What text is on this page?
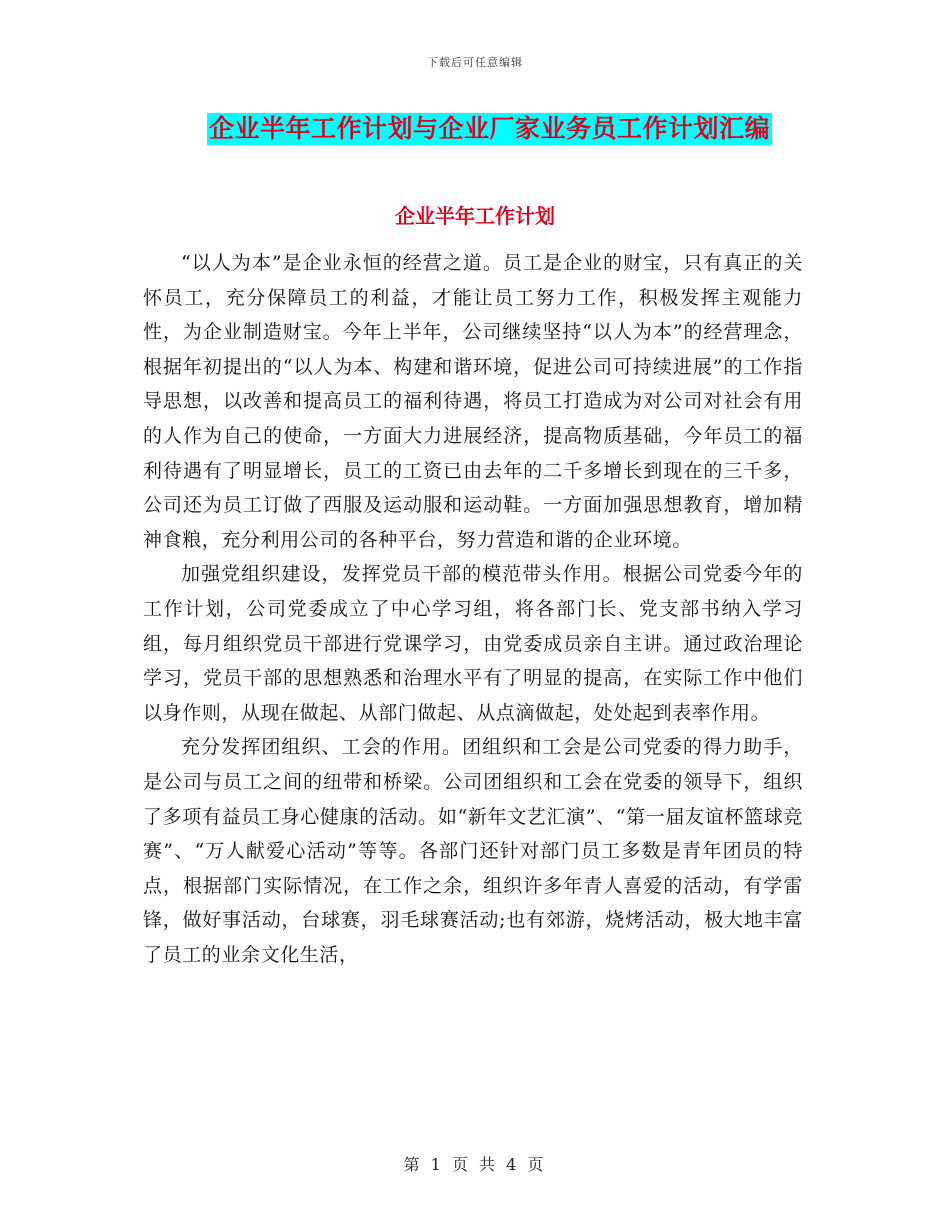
下载后可任意编辑
企业半年工作计划与企业厂家业务员工作计划汇编
企业半年工作计划

“以人为本”是企业永恒的经营之道。员工是企业的财宝，只有真正的关怀员工，充分保障员工的利益，才能让员工努力工作，积极发挥主观能力性，为企业制造财宝。今年上半年，公司继续坚持“以人为本”的经营理念，根据年初提出的“以人为本、构建和谐环境，促进公司可持续进展”的工作指导思想，以改善和提高员工的福利待遇，将员工打造成为对公司对社会有用的人作为自己的使命，一方面大力进展经济，提高物质基础，今年员工的福利待遇有了明显增长，员工的工资已由去年的二千多增长到现在的三千多，公司还为员工订做了西服及运动服和运动鞋。一方面加强思想教育，增加精神食粮，充分利用公司的各种平台，努力营造和谐的企业环境。

加强党组织建设，发挥党员干部的模范带头作用。根据公司党委今年的工作计划，公司党委成立了中心学习组，将各部门长、党支部书纳入学习组，每月组织党员干部进行党课学习，由党委成员亲自主讲。通过政治理论学习，党员干部的思想熟悉和治理水平有了明显的提高，在实际工作中他们以身作则，从现在做起、从部门做起、从点滴做起，处处起到表率作用。

充分发挥团组织、工会的作用。团组织和工会是公司党委的得力助手，是公司与员工之间的纽带和桥梁。公司团组织和工会在党委的领导下，组织了多项有益员工身心健康的活动。如“新年文艺汇演”、“第一届友谊杯篮球竞赛”、“万人献爱心活动”等等。各部门还针对部门员工多数是青年团员的特点，根据部门实际情况，在工作之余，组织许多年青人喜爱的活动，有学雷锋，做好事活动，台球赛，羽毛球赛活动;也有郊游，烧烤活动，极大地丰富了员工的业余文化生活，

第 1 页 共 4 页
